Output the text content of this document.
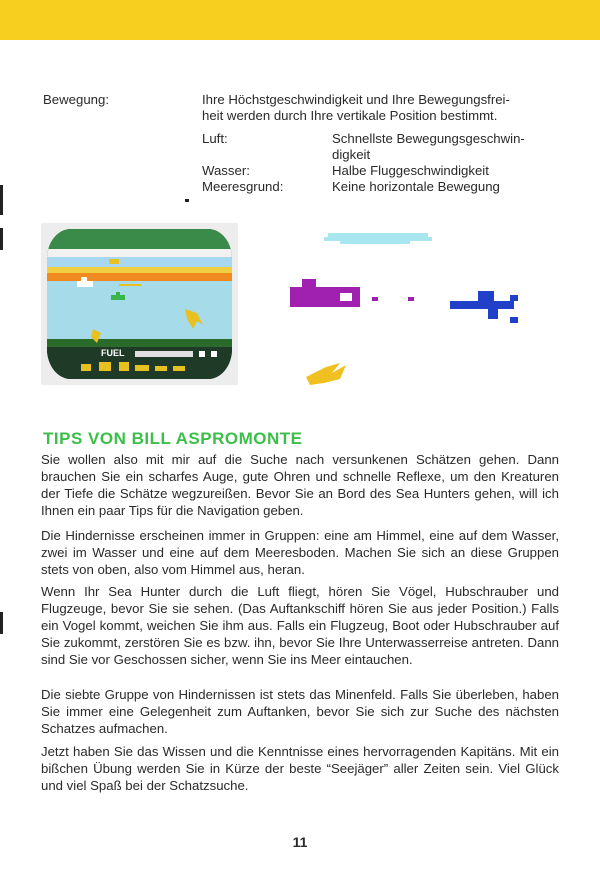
Bewegung:	Ihre Höchstgeschwindigkeit und Ihre Bewegungsfrei-
heit werden durch Ihre vertikale Position bestimmt.
Luft:	Schnellste Bewegungsgeschwin-
digkeit
Wasser:	Halbe Fluggeschwindigkeit
Meeresgrund:	Keine horizontale Bewegung
FUEL
TIPS VON BILL ASPROMONTE
Sie wollen also mit mir auf die Suche nach versunkenen Schätzen gehen. Dann brauchen Sie ein scharfes Auge, gute Ohren und schnelle Reflexe, um den Kreaturen der Tiefe die Schätze wegzureißen. Bevor Sie an Bord des Sea Hunters gehen, will ich Ihnen ein paar Tips für die Navigation geben.
Die Hindernisse erscheinen immer in Gruppen: eine am Himmel, eine auf dem Wasser, zwei im Wasser und eine auf dem Meeresboden. Machen Sie sich an diese Gruppen stets von oben, also vom Himmel aus, heran.
Wenn Ihr Sea Hunter durch die Luft fliegt, hören Sie Vögel, Hubschrauber und Flugzeuge, bevor Sie sie sehen. (Das Auftankschiff hören Sie aus jeder Position.) Falls ein Vogel kommt, weichen Sie ihm aus. Falls ein Flugzeug, Boot oder Hubschrauber auf Sie zukommt, zerstören Sie es bzw. ihn, bevor Sie Ihre Unterwasserreise antreten. Dann sind Sie vor Geschossen sicher, wenn Sie ins Meer eintauchen.
Die siebte Gruppe von Hindernissen ist stets das Minenfeld. Falls Sie überleben, haben Sie immer eine Gelegenheit zum Auftanken, bevor Sie sich zur Suche des nächsten Schatzes aufmachen.
Jetzt haben Sie das Wissen und die Kenntnisse eines hervorragenden Kapitäns. Mit ein bißchen Übung werden Sie in Kürze der beste “Seejäger” aller Zeiten sein. Viel Glück und viel Spaß bei der Schatzsuche.
11
